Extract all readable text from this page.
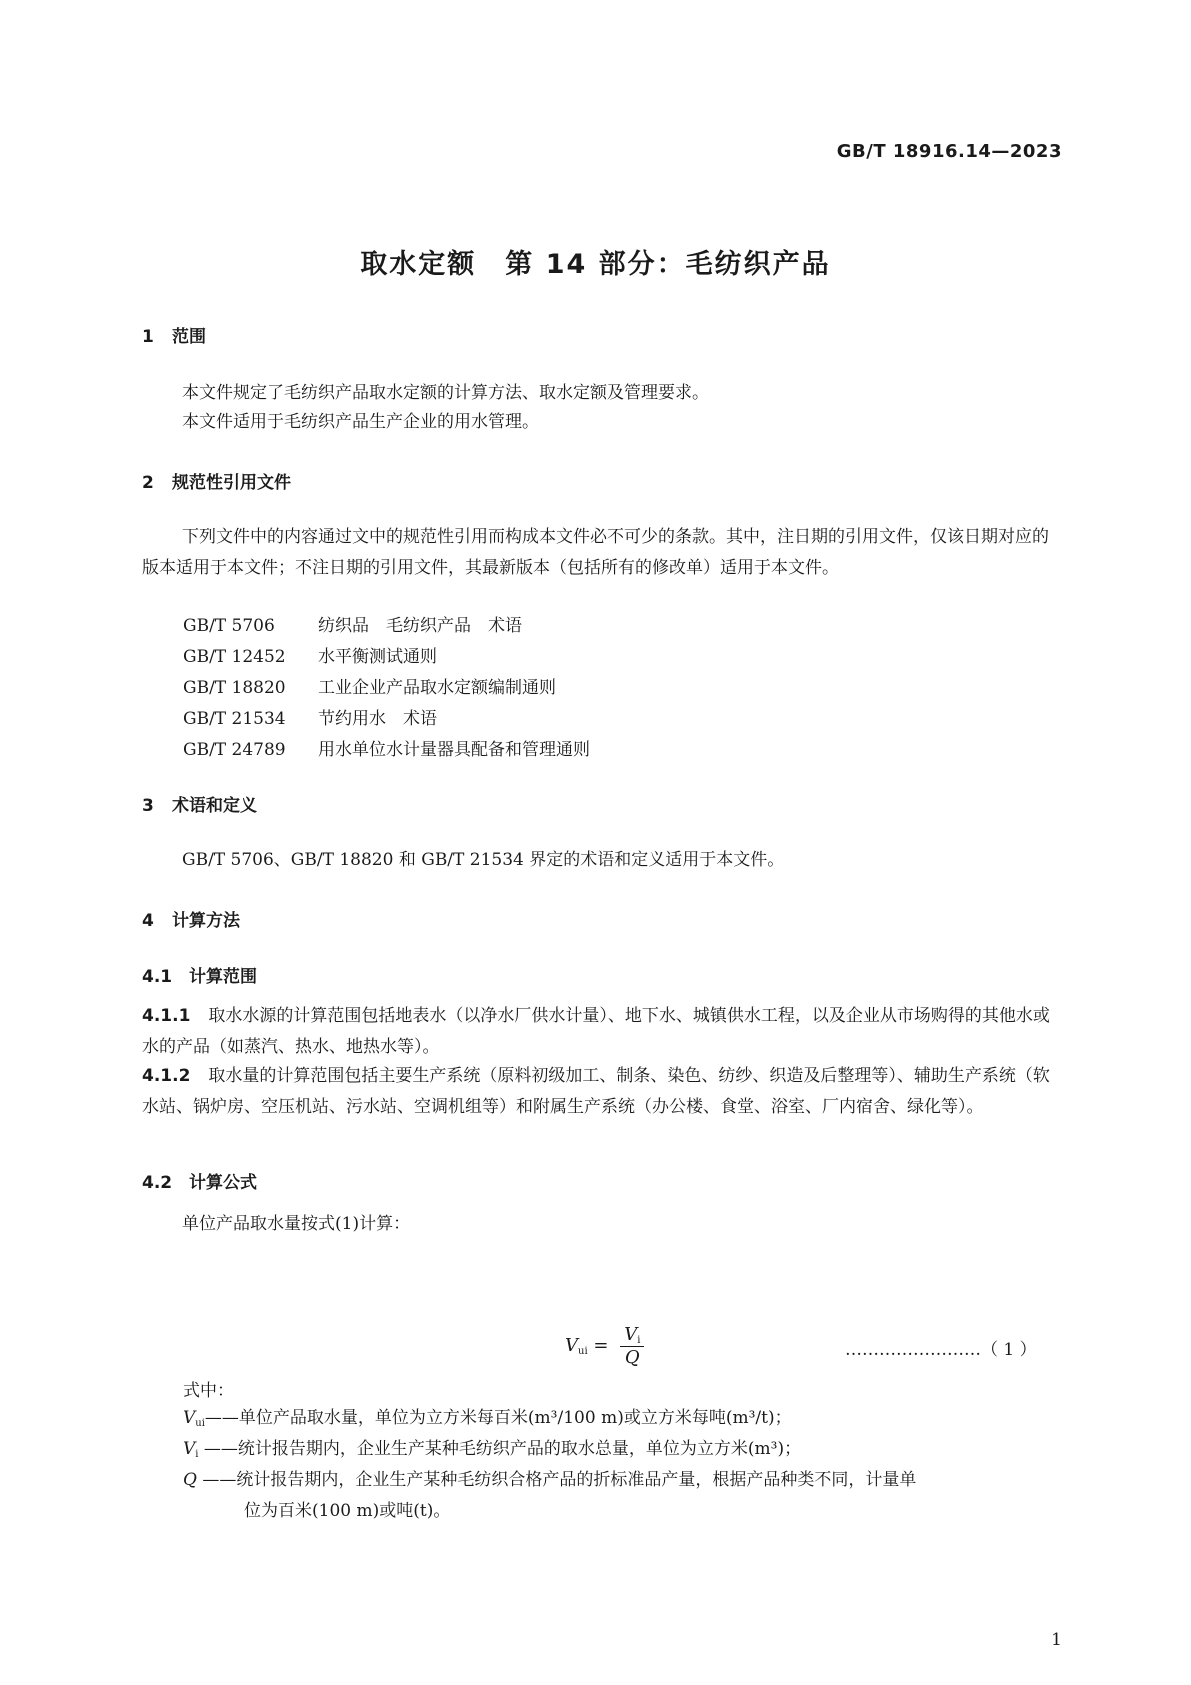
GB/T 18916.14—2023
取水定额　第 14 部分：毛纺织产品
1 范围
本文件规定了毛纺织产品取水定额的计算方法、取水定额及管理要求。
本文件适用于毛纺织产品生产企业的用水管理。
2 规范性引用文件
下列文件中的内容通过文中的规范性引用而构成本文件必不可少的条款。其中，注日期的引用文件，仅该日期对应的版本适用于本文件；不注日期的引用文件，其最新版本（包括所有的修改单）适用于本文件。
GB/T 5706	纺织品　毛纺织产品　术语
GB/T 12452 水平衡测试通则
GB/T 18820 工业企业产品取水定额编制通则
GB/T 21534 节约用水　术语
GB/T 24789 用水单位水计量器具配备和管理通则
3 术语和定义
GB/T 5706、GB/T 18820 和 GB/T 21534 界定的术语和定义适用于本文件。
4 计算方法
4.1 计算范围
4.1.1 取水水源的计算范围包括地表水（以净水厂供水计量）、地下水、城镇供水工程，以及企业从市场购得的其他水或水的产品（如蒸汽、热水、地热水等）。
4.1.2 取水量的计算范围包括主要生产系统（原料初级加工、制条、染色、纺纱、织造及后整理等）、辅助生产系统（软水站、锅炉房、空压机站、污水站、空调机组等）和附属生产系统（办公楼、食堂、浴室、厂内宿舍、绿化等）。
4.2 计算公式
单位产品取水量按式(1)计算：
$V_{ui} = \frac{V_i}{Q}$	……………………（ 1 ）
式中：
$V_{ui}——$单位产品取水量，单位为立方米每百米(m³/100 m)或立方米每吨(m³/t)；
$V_i$ ——统计报告期内，企业生产某种毛纺织产品的取水总量，单位为立方米(m³)；
Q ——统计报告期内，企业生产某种毛纺织合格产品的折标准品产量，根据产品种类不同，计量单
位为百米(100 m)或吨(t)。
1
